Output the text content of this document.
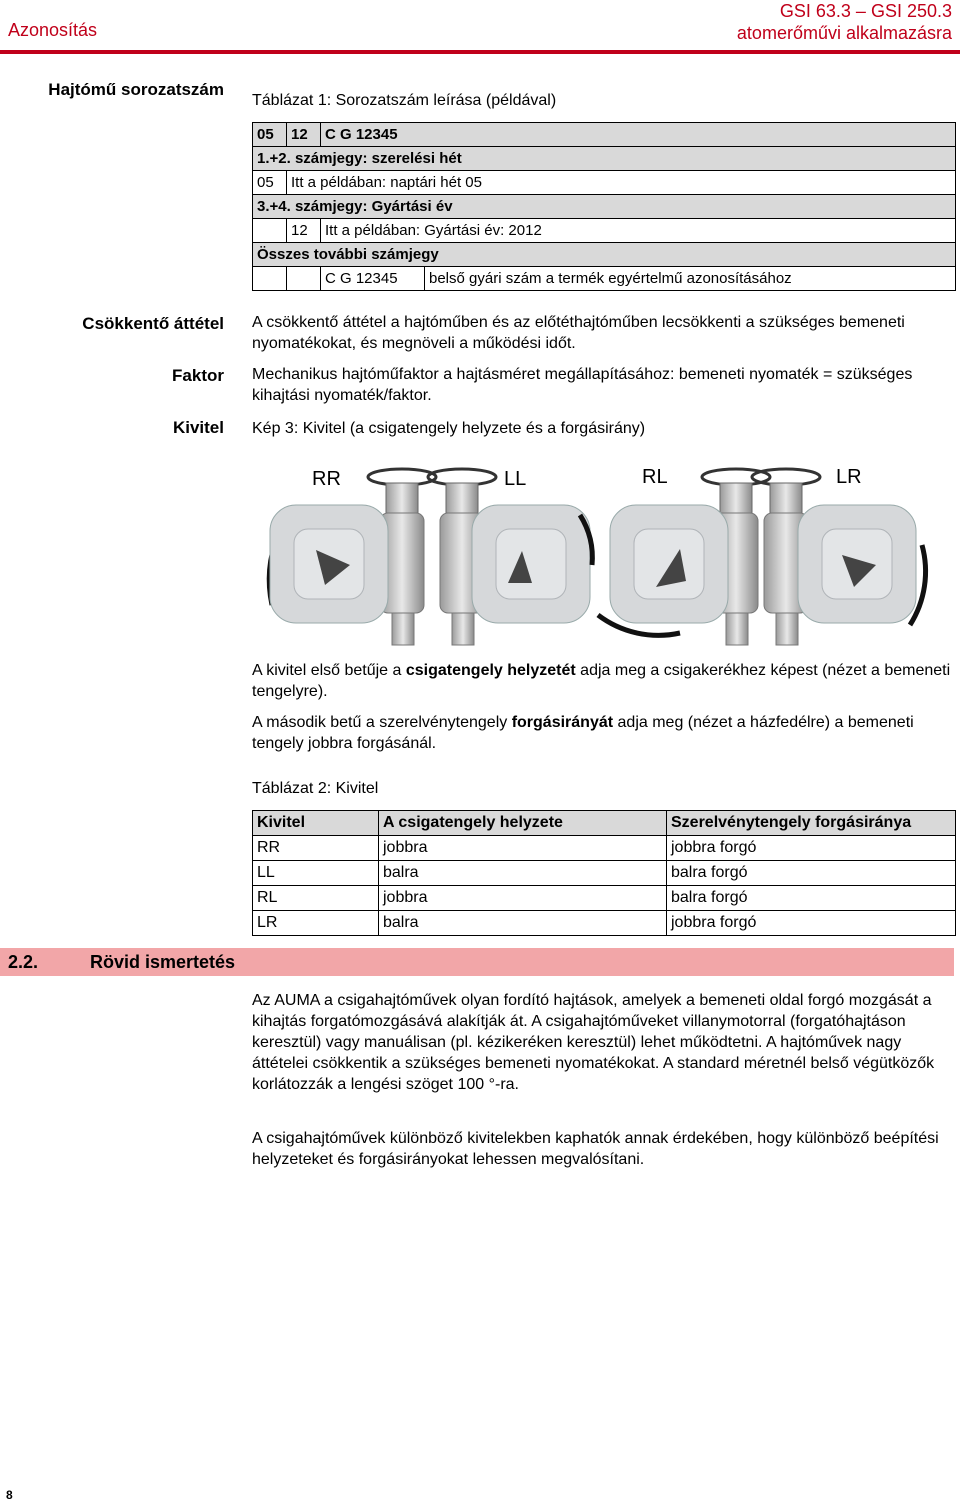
Azonosítás
GSI 63.3 – GSI 250.3
atomerőművi alkalmazásra
Hajtómű sorozatszám
Csökkentő áttétel
Faktor
Kivitel
Táblázat 1: Sorozatszám leírása (példával)
05	12	C G 12345	
1.+2. számjegy: szerelési hét			
05	Itt a példában: naptári hét 05		
3.+4. számjegy: Gyártási év			
	12	Itt a példában: Gyártási év: 2012	
Összes további számjegy			
		C G 12345	belső gyári szám a termék egyértelmű azonosításához
A csökkentő áttétel a hajtóműben és az előtéthajtóműben lecsökkenti a szükséges bemeneti nyomatékokat, és megnöveli a működési időt.
Mechanikus hajtóműfaktor a hajtásméret megállapításához: bemeneti nyomaték = szükséges kihajtási nyomaték/faktor.
Kép 3: Kivitel (a csigatengely helyzete és a forgásirány)
RR	LL	RL	LR

A kivitel első betűje a csigatengely helyzetét adja meg a csigakerékhez képest (nézet a bemeneti tengelyre).

A második betű a szerelvénytengely forgásirányát adja meg (nézet a házfedélre) a bemeneti tengely jobbra forgásánál.

Táblázat 2: Kivitel
Kivitel	A csigatengely helyzete	Szerelvénytengely forgásiránya
RR	jobbra	jobbra forgó
LL	balra	balra forgó
RL	jobbra	balra forgó
LR	balra	jobbra forgó
2.2.	Rövid ismertetés
Az AUMA a csigahajtóművek olyan fordító hajtások, amelyek a bemeneti oldal forgó mozgását a kihajtás forgatómozgásává alakítják át. A csigahajtóműveket villanymotorral (forgatóhajtáson keresztül) vagy manuálisan (pl. kézikeréken keresztül) lehet működtetni. A hajtóművek nagy áttételei csökkentik a szükséges bemeneti nyomatékokat. A standard méretnél belső végütközők korlátozzák a lengési szöget 100 °-ra.
A csigahajtóművek különböző kivitelekben kaphatók annak érdekében, hogy különböző beépítési helyzeteket és forgásirányokat lehessen megvalósítani.
8
